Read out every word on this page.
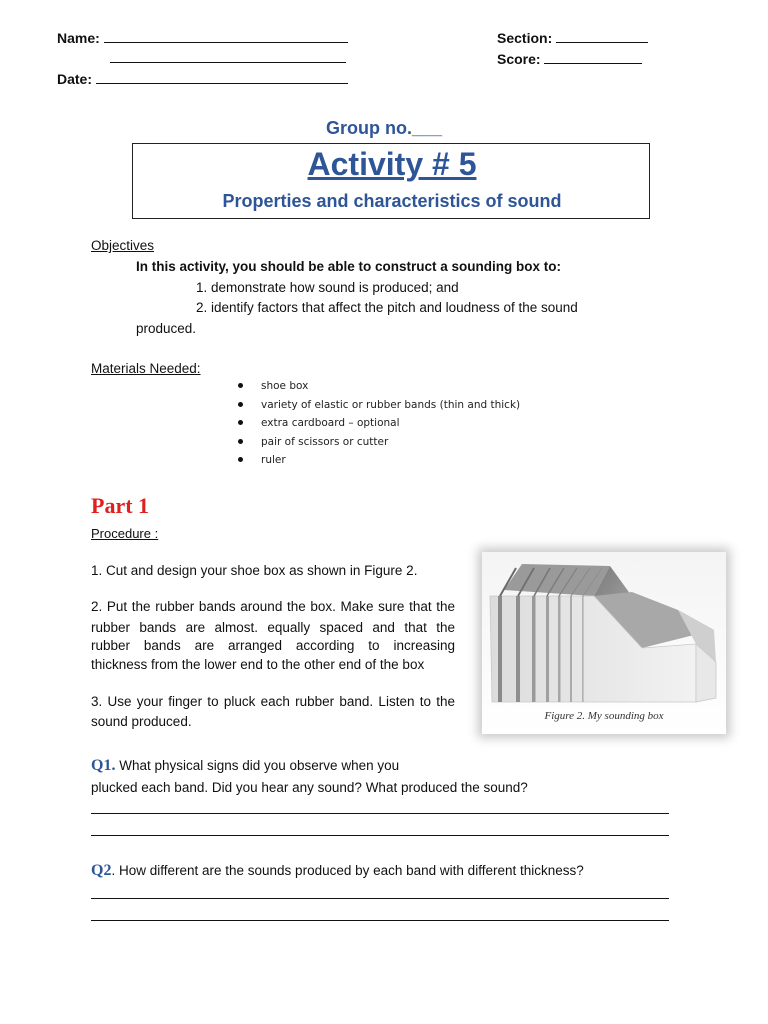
Name:
Date:
Section:
Score:
Group no.___
Activity # 5
Properties and characteristics of sound
Objectives
In this activity, you should be able to construct a sounding box to:
1. demonstrate how sound is produced; and
2. identify factors that affect the pitch and loudness of the sound
produced.
Materials Needed:
shoe box
variety of elastic or rubber bands (thin and thick)
extra cardboard – optional
pair of scissors or cutter
ruler
Part 1
Procedure :
1. Cut and design your shoe box as shown in Figure 2.
2. Put the rubber bands around the box. Make sure that the
rubber bands are almost. equally spaced and that the
rubber bands are arranged according to increasing
thickness from the lower end to the other end of the box
3. Use your finger to pluck each rubber band. Listen to the
sound produced.	Figure 2. My sounding box
Q1. What physical signs did you observe when you
plucked each band. Did you hear any sound? What produced the sound?
Q2. How different are the sounds produced by each band with different thickness?
